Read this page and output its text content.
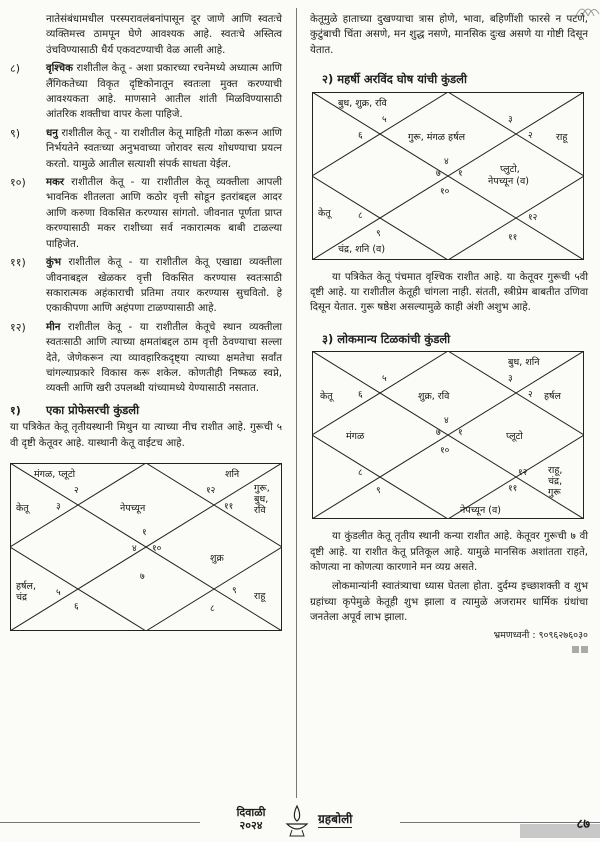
नातेसंबंधामधील परस्परावलंबनांपासून दूर जाणे आणि स्वतःचे व्यक्तिमत्त्व ठामपून घेणे आवश्यक आहे. स्वतःचे अस्तित्व उंचविण्यासाठी धैर्य एकवटण्याची वेळ आली आहे.

८)	वृश्चिक राशीतील केतू - अशा प्रकारच्या रचनेमध्ये अध्यात्म आणि लैंगिकतेच्या विकृत दृष्टिकोनातून स्वतःला मुक्त करण्याची आवश्यकता आहे. माणसाने आतील शांती मिळविण्यासाठी आंतरिक शक्तीचा वापर केला पाहिजे.
९)	धनु राशीतील केतू - या राशीतील केतू माहिती गोळा करून आणि निर्भयतेने स्वतःच्या अनुभवाच्या जोरावर सत्य शोधण्याचा प्रयत्न करतो. यामुळे आतील सत्याशी संपर्क साधता येईल.
१०)	मकर राशीतील केतू - या राशीतील केतू व्यक्तीला आपली भावनिक शीतलता आणि कठोर वृत्ती सोडून इतरांबद्दल आदर आणि करुणा विकसित करण्यास सांगतो. जीवनात पूर्णता प्राप्त करण्यासाठी मकर राशीच्या सर्व नकारात्मक बाबी टाळल्या पाहिजेत.
११)	कुंभ राशीतील केतू - या राशीतील केतू एखाद्या व्यक्तीला जीवनाबद्दल खेळकर वृत्ती विकसित करण्यास स्वतःसाठी सकारात्मक अहंकाराची प्रतिमा तयार करण्यास सुचवितो. हे एकाकीपणा आणि अहंपणा टाळण्यासाठी आहे.
१२)	मीन राशीतील केतू - या राशीतील केतूचे स्थान व्यक्तीला स्वतःसाठी आणि त्याच्या क्षमतांबद्दल ठाम वृत्ती ठेवण्याचा सल्ला देते, जेणेकरून त्या व्यावहारिकदृष्ट्या त्याच्या क्षमतेचा सर्वांत चांगल्याप्रकारे विकास करू शकेल. कोणतीही निष्फळ स्वप्ने, व्यक्ती आणि खरी उपलब्धी यांच्यामध्ये येण्यासाठी नसतात.
१)	एका प्रोफेसरची कुंडली

या पत्रिकेत केतू तृतीयस्थानी मिथुन या त्याच्या नीच राशीत आहे. गुरूची ५ वी दृष्टी केतूवर आहे. यास्थानी केतू वाईटच आहे.

मंगळ, प्लूटो	शनि
केतू	नेपच्यून
गुरू, बुध, रवि
शुक्र
हर्षल, चंद्र	राहू
२
३
४
५
६
७
८
९
१०
११
१२
१

केतूमुळे हाताच्या दुखण्याचा त्रास होणे, भावा, बहिणींशी फारसे न पटणे, कुटुंबाची चिंता असणे, मन शुद्ध नसणे, मानसिक दुःख असणे या गोष्टी दिसून येतात.

२) महर्षी अरविंद घोष यांची कुंडली
बुध, शुक्र, रवि
गुरू, मंगळ हर्षल	राहू
प्लुटो, नेपच्यून (व)
केतू
चंद्र, शनि (व)
५
६
७
८
९
१०
११
१२
१
२
३
४

या पत्रिकेत केतू पंचमात वृश्चिक राशीत आहे. या केतूवर गुरूची ५वी दृष्टी आहे. या राशीतील केतूही चांगला नाही. संतती, स्त्रीप्रेम बाबतीत उणिवा दिसून येतात. गुरू षष्ठेश असल्यामुळे काही अंशी अशुभ आहे.

३) लोकमान्य टिळकांची कुंडली
बुध, शनि
केतू	शुक्र, रवि	हर्षल
मंगळ	प्लूटो
राहू, चंद्र, गुरू
नेपच्यून (व)
५
६
७
८
९
१०
११
१२
१
२
३
४

या कुंडलीत केतू तृतीय स्थानी कन्या राशीत आहे. केतूवर गुरूची ७ वी दृष्टी आहे. या राशीत केतू प्रतिकूल आहे. यामुळे मानसिक अशांतता राहते, कोणत्या ना कोणत्या कारणाने मन व्यग्र असते.

लोकमान्यांनी स्वातंत्र्याचा ध्यास घेतला होता. दुर्दम्य इच्छाशक्ती व शुभ ग्रहांच्या कृपेमुळे केतूही शुभ झाला व त्यामुळे अजरामर धार्मिक ग्रंथांचा जनतेला अपूर्व लाभ झाला.

भ्रमणध्वनी : ९०९६२७६०३०
दिवाळी
२०२४	ग्रहबोली	८७
